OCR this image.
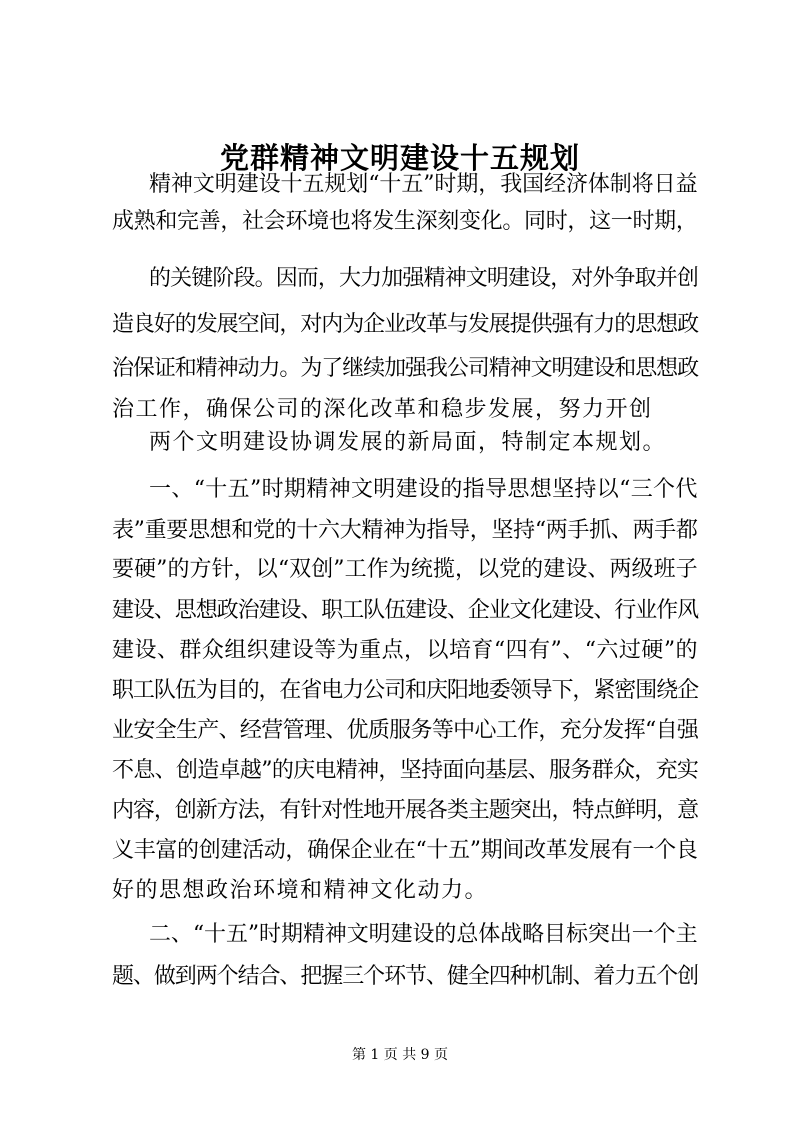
党群精神文明建设十五规划
精神文明建设十五规划“十五”时期，我国经济体制将日益
成熟和完善，社会环境也将发生深刻变化。同时，这一时期，
的关键阶段。因而，大力加强精神文明建设，对外争取并创
造良好的发展空间，对内为企业改革与发展提供强有力的思想政
治保证和精神动力。为了继续加强我公司精神文明建设和思想政
治工作，确保公司的深化改革和稳步发展，努力开创
两个文明建设协调发展的新局面，特制定本规划。
一、“十五”时期精神文明建设的指导思想坚持以“三个代
表”重要思想和党的十六大精神为指导，坚持“两手抓、两手都
要硬”的方针，以“双创”工作为统揽，以党的建设、两级班子
建设、思想政治建设、职工队伍建设、企业文化建设、行业作风
建设、群众组织建设等为重点，以培育“四有”、“六过硬”的
职工队伍为目的，在省电力公司和庆阳地委领导下，紧密围绕企
业安全生产、经营管理、优质服务等中心工作，充分发挥“自强
不息、创造卓越”的庆电精神，坚持面向基层、服务群众，充实
内容，创新方法，有针对性地开展各类主题突出，特点鲜明，意
义丰富的创建活动，确保企业在“十五”期间改革发展有一个良
好的思想政治环境和精神文化动力。
二、“十五”时期精神文明建设的总体战略目标突出一个主
题、做到两个结合、把握三个环节、健全四种机制、着力五个创
第 1 页 共 9 页
